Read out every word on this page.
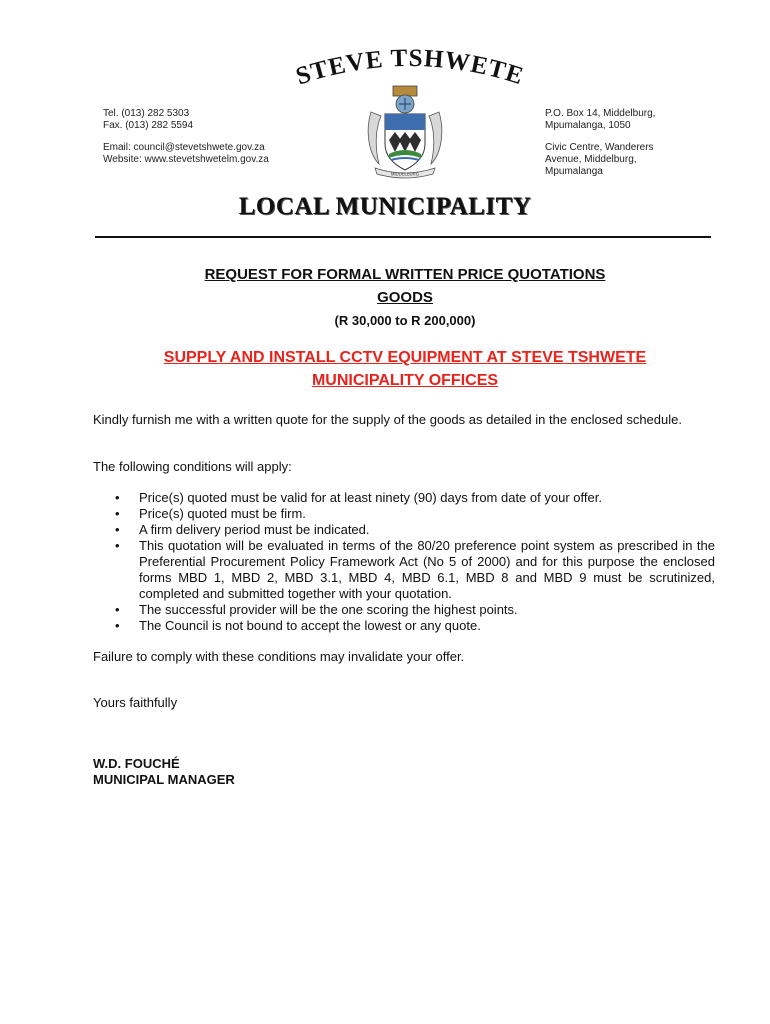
STEVE TSHWETE
Tel. (013) 282 5303
Fax. (013) 282 5594
Email: council@stevetshwete.gov.za
Website: www.stevetshwetelm.gov.za
MIDDELBURG
P.O. Box 14, Middelburg,
Mpumalanga, 1050
Civic Centre, Wanderers
Avenue, Middelburg,
Mpumalanga
LOCAL MUNICIPALITY
REQUEST FOR FORMAL WRITTEN PRICE QUOTATIONS
GOODS
(R 30,000 to R 200,000)
SUPPLY AND INSTALL CCTV EQUIPMENT AT STEVE TSHWETE
MUNICIPALITY OFFICES
Kindly furnish me with a written quote for the supply of the goods as detailed in the enclosed schedule.
The following conditions will apply:
• Price(s) quoted must be valid for at least ninety (90) days from date of your offer.
• Price(s) quoted must be firm.
• A firm delivery period must be indicated.
• This quotation will be evaluated in terms of the 80/20 preference point system as prescribed in the Preferential Procurement Policy Framework Act (No 5 of 2000) and for this purpose the enclosed forms MBD 1, MBD 2, MBD 3.1, MBD 4, MBD 6.1, MBD 8 and MBD 9 must be scrutinized, completed and submitted together with your quotation.
• The successful provider will be the one scoring the highest points.
• The Council is not bound to accept the lowest or any quote.
Failure to comply with these conditions may invalidate your offer.
Yours faithfully
W.D. FOUCHÉ
MUNICIPAL MANAGER
